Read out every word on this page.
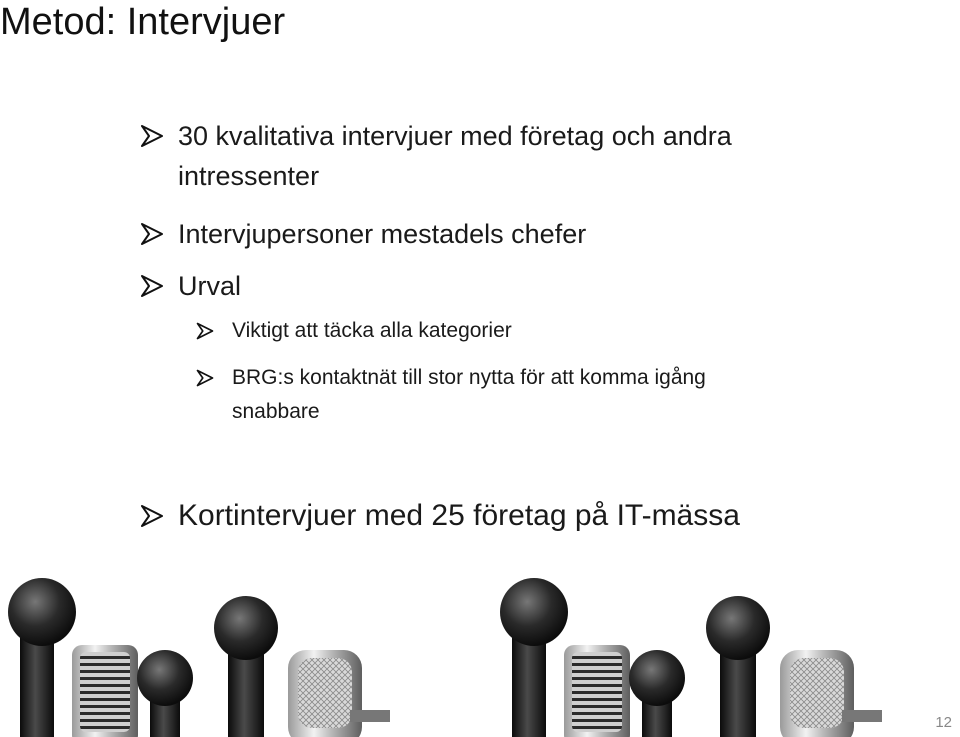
Metod: Intervjuer
30 kvalitativa intervjuer med företag och andra
intressenter
Intervjupersoner mestadels chefer
Urval
Viktigt att täcka alla kategorier
BRG:s kontaktnät till stor nytta för att komma igång
snabbare
Kortintervjuer med 25 företag på IT-mässa
12
